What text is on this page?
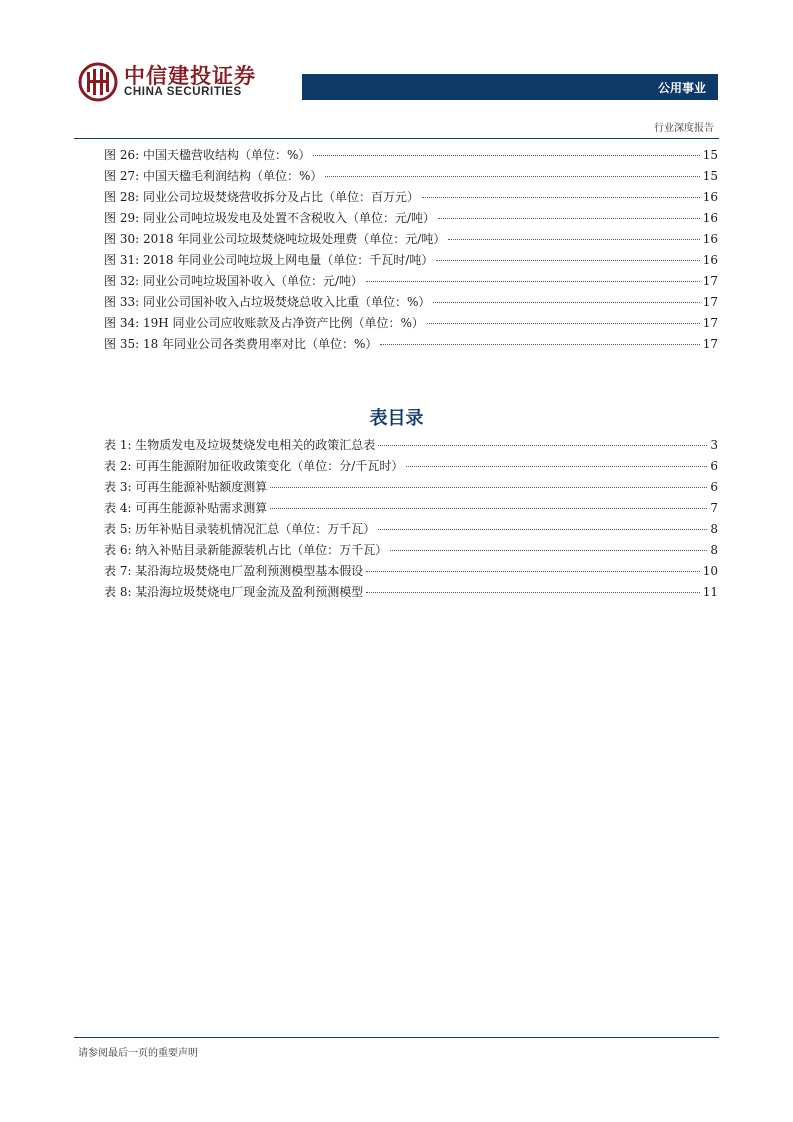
中信建投证券
CHINA SECURITIES	公用事业
行业深度报告
图 26: 中国天楹营收结构（单位：%）	15
图 27: 中国天楹毛利润结构（单位：%）	15
图 28: 同业公司垃圾焚烧营收拆分及占比（单位：百万元）	16
图 29: 同业公司吨垃圾发电及处置不含税收入（单位：元/吨）	16
图 30: 2018 年同业公司垃圾焚烧吨垃圾处理费（单位：元/吨）	16
图 31: 2018 年同业公司吨垃圾上网电量（单位：千瓦时/吨）	16
图 32: 同业公司吨垃圾国补收入（单位：元/吨）	17
图 33: 同业公司国补收入占垃圾焚烧总收入比重（单位：%）	17
图 34: 19H 同业公司应收账款及占净资产比例（单位：%）	17
图 35: 18 年同业公司各类费用率对比（单位：%）	17
表目录
表 1: 生物质发电及垃圾焚烧发电相关的政策汇总表	3
表 2: 可再生能源附加征收政策变化（单位：分/千瓦时）	6
表 3: 可再生能源补贴额度测算	6
表 4: 可再生能源补贴需求测算	7
表 5: 历年补贴目录装机情况汇总（单位：万千瓦）	8
表 6: 纳入补贴目录新能源装机占比（单位：万千瓦）	8
表 7: 某沿海垃圾焚烧电厂盈利预测模型基本假设	10
表 8: 某沿海垃圾焚烧电厂现金流及盈利预测模型	11
请参阅最后一页的重要声明
